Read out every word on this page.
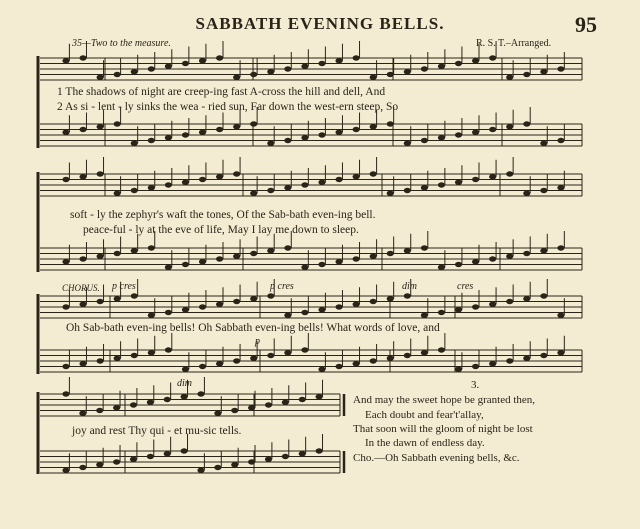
SABBATH EVENING BELLS.	95
35—Two to the measure.	R. S. T.–Arranged.
1 The shadows of night are creep-ing fast A-cross the hill and dell, And
2 As si - lent - ly sinks the wea - ried sun, Far down the west-ern steep, So
soft - ly the zephyr's waft the tones, Of the Sab-bath even-ing bell.
peace-ful - ly at the eve of life, May I lay me down to sleep.
CHORUS. p cres	p cres	dim	cres
Oh Sab-bath even-ing bells! Oh Sabbath even-ing bells! What words of love, and
p
dim
joy and rest Thy qui - et mu-sic tells.
3.
And may the sweet hope be granted then,
Each doubt and fear't'allay,
That soon will the gloom of night be lost
In the dawn of endless day.
Cho.—Oh Sabbath evening bells, &c.
